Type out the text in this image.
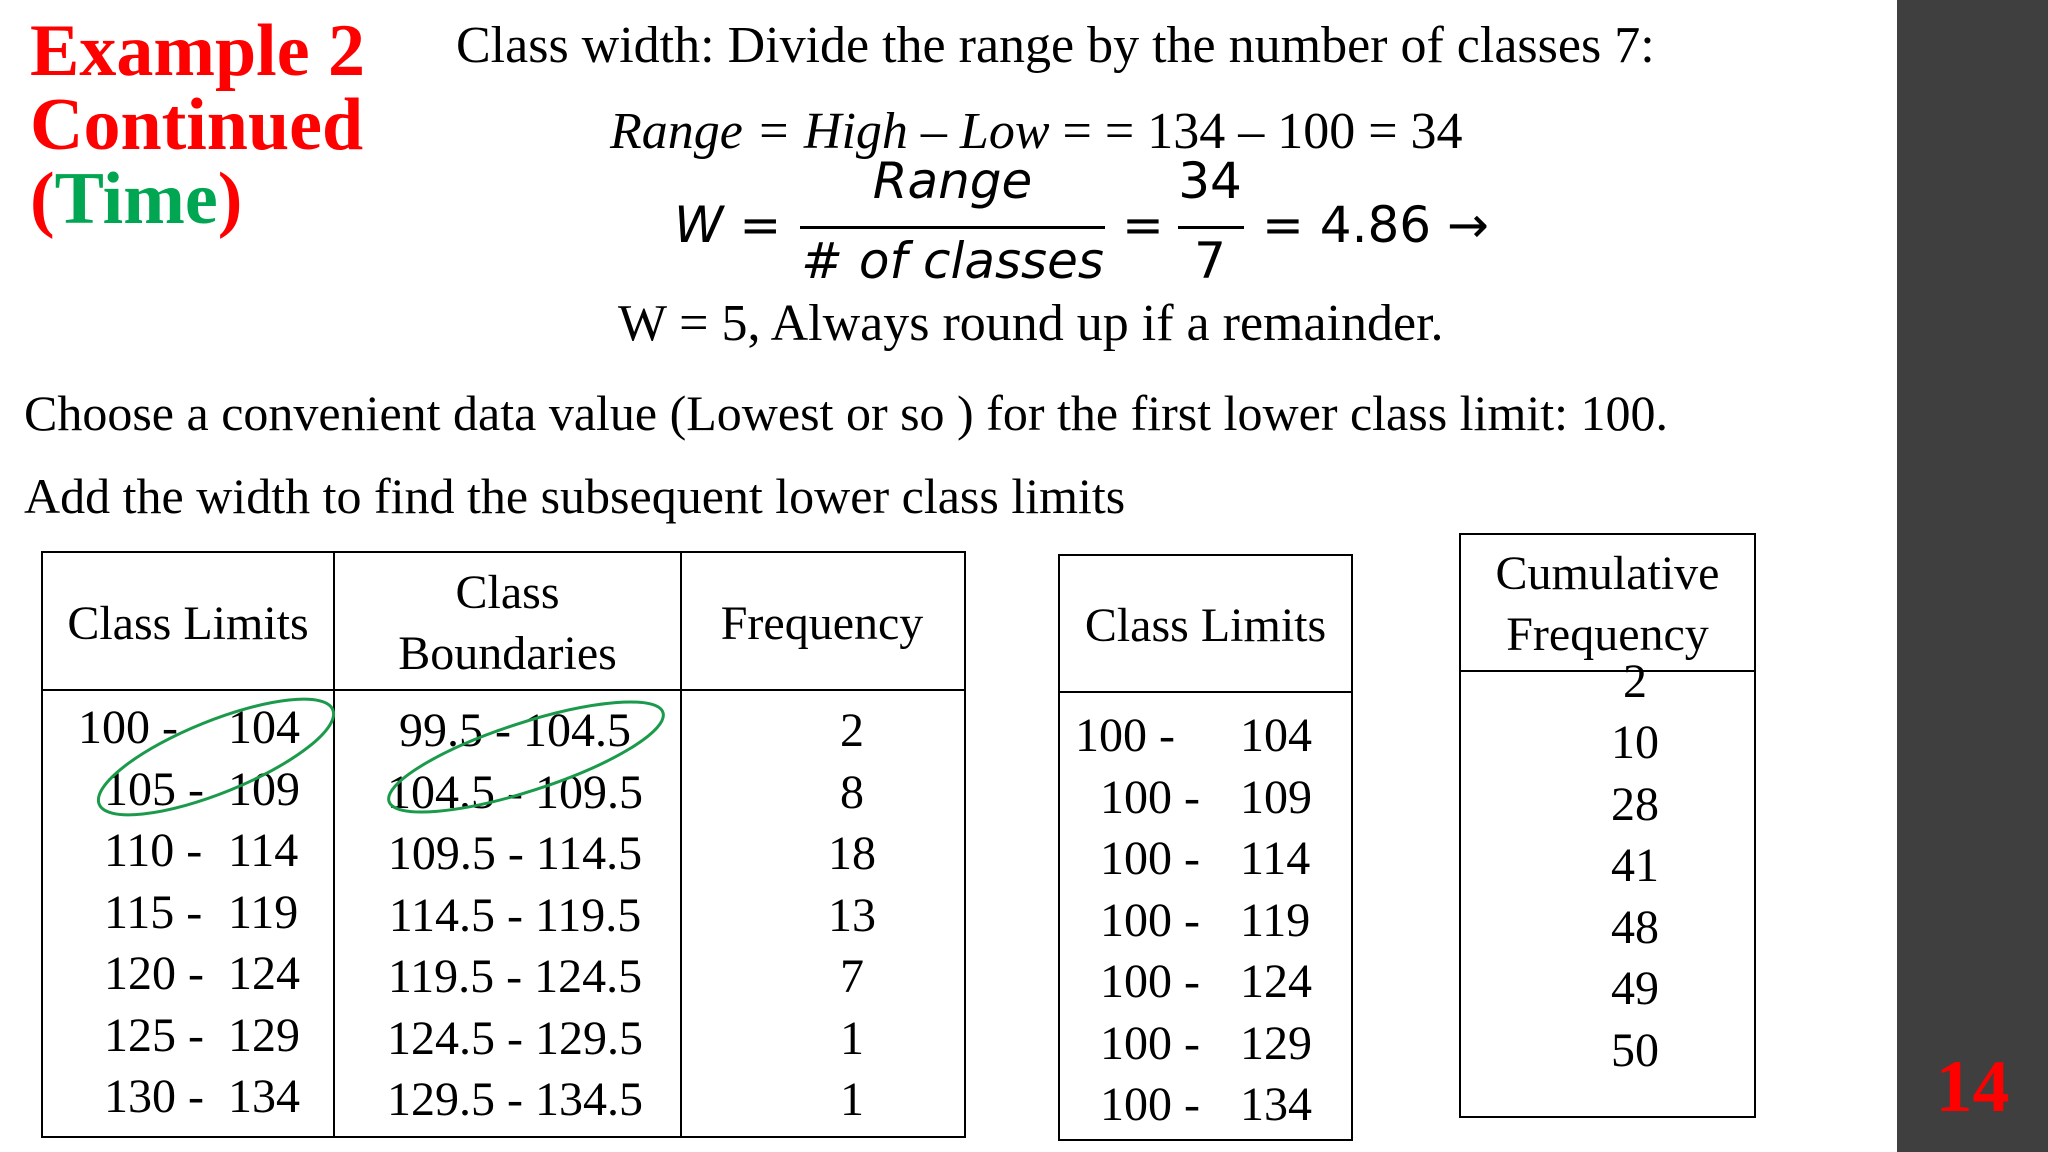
14
Example 2
Continued
(Time)
Class width: Divide the range by the number of classes 7:
Range = High – Low = = 134 – 100 = 34
W =
Range
# of classes
=
34
7
= 4.86 →
W = 5, Always round up if a remainder.
Choose a convenient data value (Lowest or so ) for the first lower class limit: 100.
Add the width to find the subsequent lower class limits
Class Limits
Class
Boundaries
Frequency
100 - 104	99.5 - 104.5	2
105 - 109	104.5 - 109.5	8
110 - 114	109.5 - 114.5	18
115 - 119	114.5 - 119.5	13
120 - 124	119.5 - 124.5	7
125 - 129	124.5 - 129.5	1
130 - 134	129.5 - 134.5	1
Class Limits
100 - 104
100 - 109
100 - 114
100 - 119
100 - 124
100 - 129
100 - 134
Cumulative
Frequency
2
10
28
41
48
49
50
